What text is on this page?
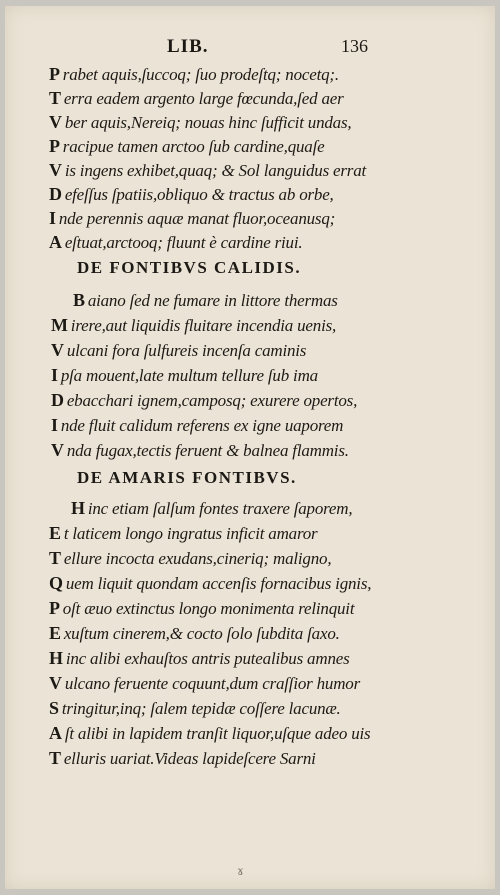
LIB.	136
P rabet aquis,ſuccoq; ſuo prodeſtq; nocetq;.
T erra eadem argento large fœcunda,ſed aer
V ber aquis,Nereiq; nouas hinc ſufficit undas,
P racipue tamen arctoo ſub cardine,quaſe
V is ingens exhibet,quaq; & Sol languidus errat
D efeſſus ſpatiis,obliquo & tractus ab orbe,
I nde perennis aquæ manat fluor,oceanusq;
A eſtuat,arctooq; fluunt è cardine riui.
DE FONTIBVS CALIDIS.
B aiano ſed ne fumare in littore thermas
M irere,aut liquidis fluitare incendia uenis,
V ulcani fora ſulfureis incenſa caminis
I pſa mouent,late multum tellure ſub ima
D ebacchari ignem,camposq; exurere opertos,
I nde fluit calidum referens ex igne uaporem
V nda fugax,tectis feruent & balnea flammis.
DE AMARIS FONTIBVS.
H inc etiam ſalſum fontes traxere ſaporem,
E t laticem longo ingratus inficit amaror
T ellure incocta exudans,cineriq; maligno,
Q uem liquit quondam accenſis fornacibus ignis,
P oſt æuo extinctus longo monimenta relinquit
E xuſtum cinerem,& cocto ſolo ſubdita ſaxo.
H inc alibi exhauſtos antris putealibus amnes
V ulcano feruente coquunt,dum craſſior humor
S tringitur,inq; ſalem tepidæ coſſere lacunæ.
A ſt alibi in lapidem tranſit liquor,uſque adeo uis
T elluris uariat.Videas lapideſcere Sarni
ɤ
